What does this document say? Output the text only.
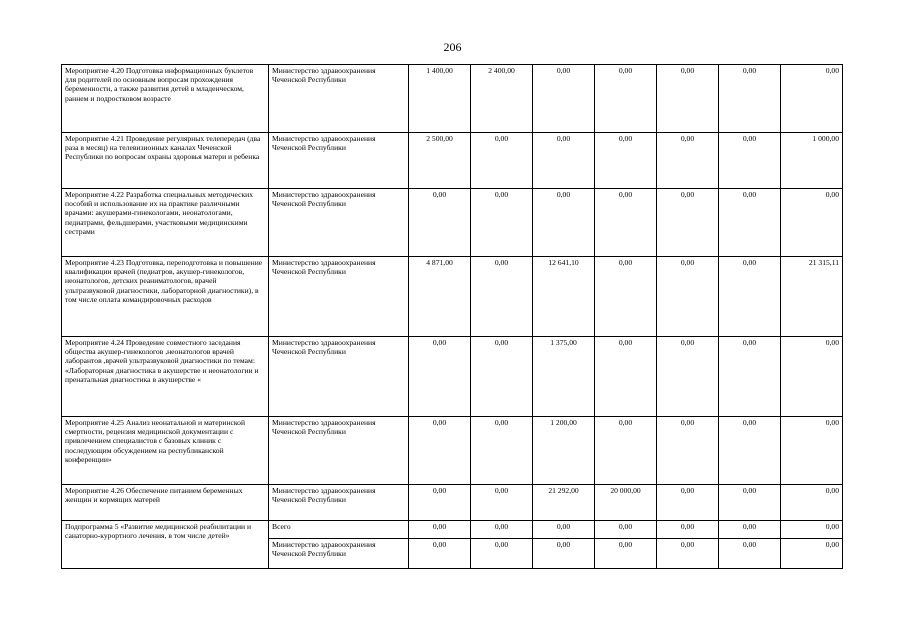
206
Мероприятие 4.20 Подготовка информационных буклетов для родителей по основным вопросам прохождения беременности, а также развития детей в младенческом, раннем и подростковом возрасте	Министерство здравоохранения Чеченской Республики	1 400,00	2 400,00	0,00	0,00	0,00	0,00	0,00
Мероприятие 4.21 Проведение регулярных телепередач (два раза в месяц) на телевизионных каналах Чеченской Республики по вопросам охраны здоровья матери и ребенка	Министерство здравоохранения Чеченской Республики	2 500,00	0,00	0,00	0,00	0,00	0,00	1 000,00
Мероприятие 4.22 Разработка специальных методических пособий и использование их на практике различными врачами: акушерами-гинекологами, неонатологами, педиатрами, фельдшерами, участковыми медицинскими сестрами	Министерство здравоохранения Чеченской Республики	0,00	0,00	0,00	0,00	0,00	0,00	0,00
Мероприятие 4.23 Подготовка, переподготовка и повышение квалификации врачей (педиатров, акушер-гинекологов, неонатологов, детских реаниматологов, врачей ультразвуковой диагностики, лабораторной диагностики), в том числе оплата командировочных расходов	Министерство здравоохранения Чеченской Республики	4 871,00	0,00	12 641,10	0,00	0,00	0,00	21 315,11
Мероприятие 4.24 Проведение совместного заседания общества акушер-гинекологов ,неонатологов врачей лаборантов ,врачей ультразвуковой диагностики по темам: «Лабораторная диагностика в акушерстве и неонатологии и пренатальная диагностика в акушерстве «	Министерство здравоохранения Чеченской Республики	0,00	0,00	1 375,00	0,00	0,00	0,00	0,00
Мероприятие 4.25 Анализ неонатальной и материнской смертности, рецензия медицинской документации с привлечением специалистов с базовых клиник с последующим обсуждением на республиканской конференции»	Министерство здравоохранения Чеченской Республики	0,00	0,00	1 200,00	0,00	0,00	0,00	0,00
Мероприятие 4.26 Обеспечение питанием беременных женщин и кормящих матерей	Министерство здравоохранения Чеченской Республики	0,00	0,00	21 292,00	20 000,00	0,00	0,00	0,00
Подпрограмма 5 «Развитие медицинской реабилитации и санаторно-курортного лечения, в том числе детей»	Всего	0,00	0,00	0,00	0,00	0,00	0,00	0,00
	Министерство здравоохранения Чеченской Республики	0,00	0,00	0,00	0,00	0,00	0,00	0,00
